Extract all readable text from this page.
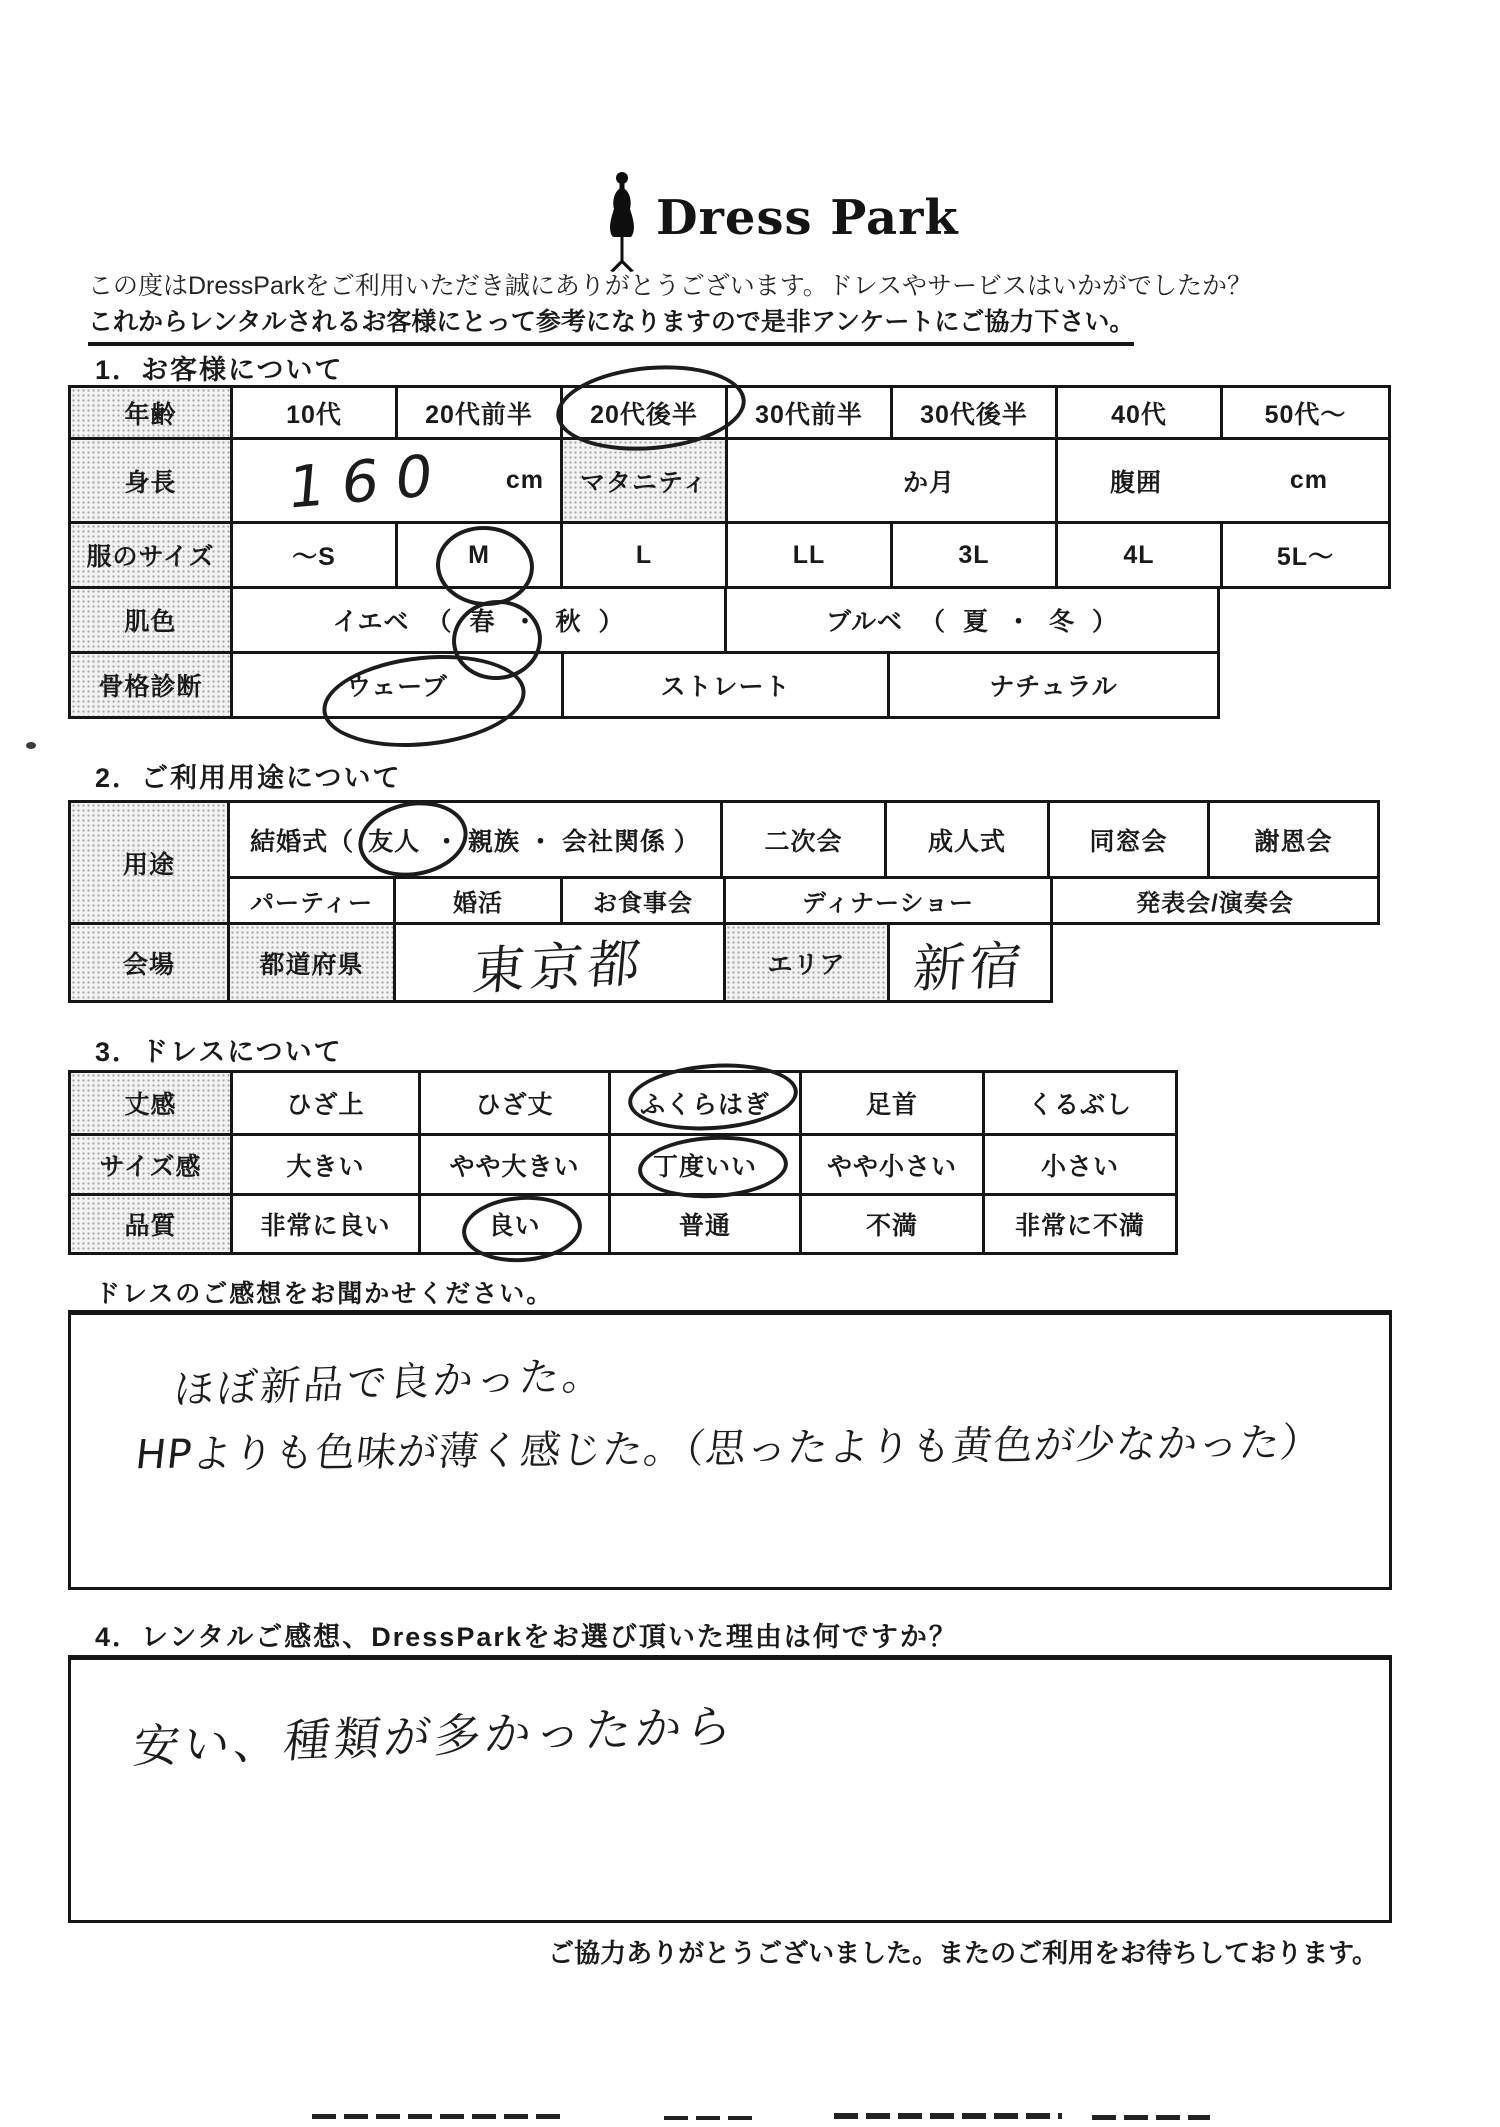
Dress Park
この度はDressParkをご利用いただき誠にありがとうございます。ドレスやサービスはいかがでしたか？
これからレンタルされるお客様にとって参考になりますので是非アンケートにご協力下さい。
1．お客様について
年齢	10代	20代前半	20代後半	30代前半	30代後半	40代	50代～
身長	160 cm	マタニティ	か月	腹囲	cm
服のサイズ	～S	M	L	LL	3L	4L	5L～
肌色	イエベ （ 春 ・ 秋 ）	ブルベ （ 夏 ・ 冬 ）
骨格診断	ウェーブ	ストレート	ナチュラル
2．ご利用用途について
用途
結婚式（ 友人 ・ 親族 ・ 会社関係 ）	二次会	成人式	同窓会	謝恩会
パーティー	婚活	お食事会	ディナーショー	発表会/演奏会
会場	都道府県	東京都	エリア	新宿
3．ドレスについて
丈感	ひざ上	ひざ丈	ふくらはぎ	足首	くるぶし
サイズ感	大きい	やや大きい	丁度いい	やや小さい	小さい
品質	非常に良い	良い	普通	不満	非常に不満
ドレスのご感想をお聞かせください。
ほぼ新品で良かった。
HPよりも色味が薄く感じた。（思ったよりも黄色が少なかった）
4．レンタルご感想、DressParkをお選び頂いた理由は何ですか？
安い、種類が多かったから
ご協力ありがとうございました。またのご利用をお待ちしております。
